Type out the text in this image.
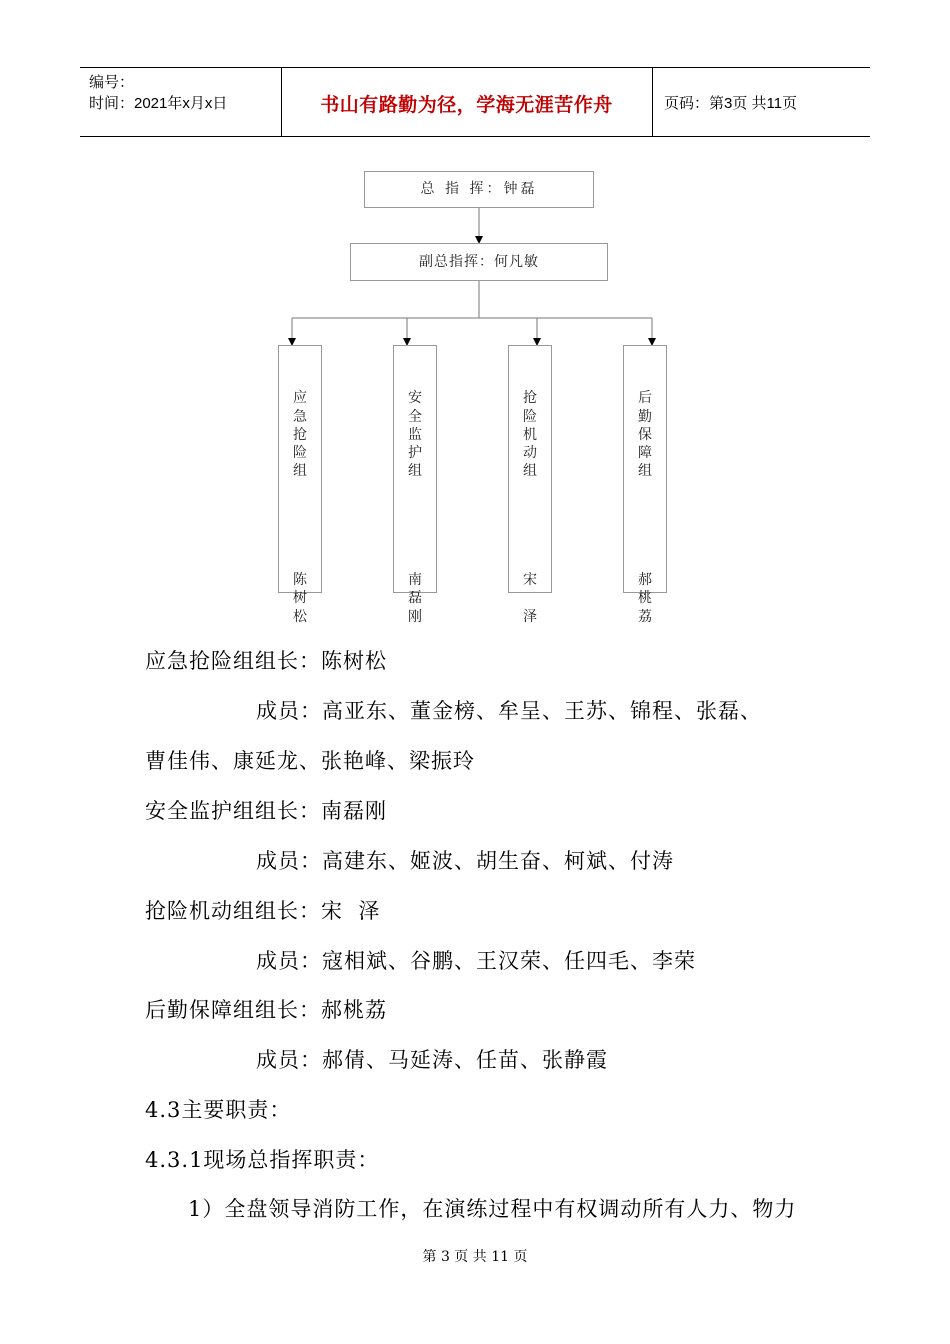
编号：
时间：2021年x月x日	书山有路勤为径，学海无涯苦作舟	页码：第3页 共11页
总 指 挥：钟磊
副总指挥：何凡敏

应
急
抢
险
组

陈
树
松

安
全
监
护
组

南
磊
刚

抢
险
机
动
组

宋

泽

后
勤
保
障
组

郝
桃
荔

应急抢险组组长：陈树松
成员：高亚东、董金榜、牟呈、王苏、锦程、张磊、
曹佳伟、康延龙、张艳峰、梁振玲
安全监护组组长：南磊刚
成员：高建东、姬波、胡生奋、柯斌、付涛
抢险机动组组长：宋  泽
成员：寇相斌、谷鹏、王汉荣、任四毛、李荣
后勤保障组组长：郝桃荔
成员：郝倩、马延涛、任苗、张静霞
4.3主要职责：
4.3.1现场总指挥职责：
1）全盘领导消防工作，在演练过程中有权调动所有人力、物力
第 3 页 共 11 页
